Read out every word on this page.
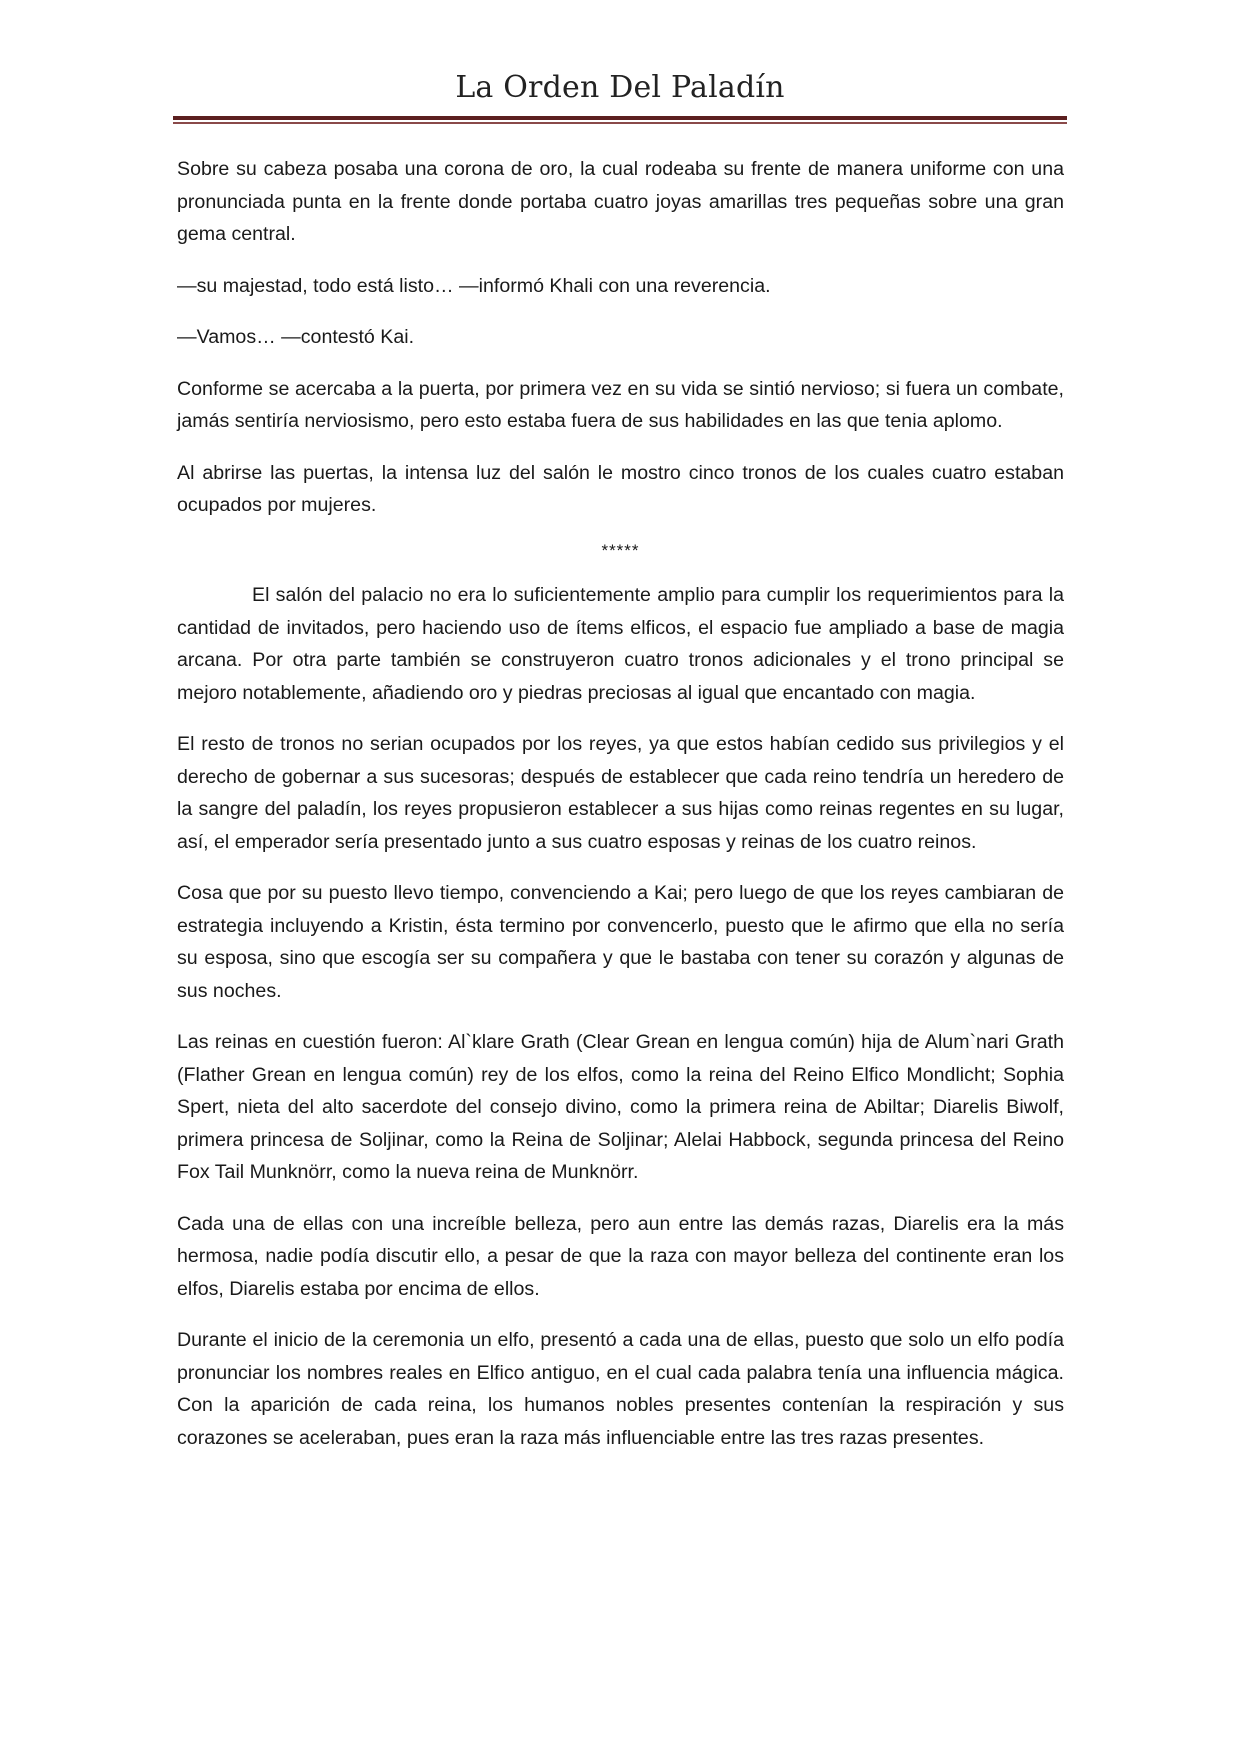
La Orden Del Paladín

Sobre su cabeza posaba una corona de oro, la cual rodeaba su frente de manera uniforme con una pronunciada punta en la frente donde portaba cuatro joyas amarillas tres pequeñas sobre una gran gema central.

—su majestad, todo está listo… —informó Khali con una reverencia.

—Vamos… —contestó Kai.

Conforme se acercaba a la puerta, por primera vez en su vida se sintió nervioso; si fuera un combate, jamás sentiría nerviosismo, pero esto estaba fuera de sus habilidades en las que tenia aplomo.

Al abrirse las puertas, la intensa luz del salón le mostro cinco tronos de los cuales cuatro estaban ocupados por mujeres.

*****

El salón del palacio no era lo suficientemente amplio para cumplir los requerimientos para la cantidad de invitados, pero haciendo uso de ítems elficos, el espacio fue ampliado a base de magia arcana. Por otra parte también se construyeron cuatro tronos adicionales y el trono principal se mejoro notablemente, añadiendo oro y piedras preciosas al igual que encantado con magia.

El resto de tronos no serian ocupados por los reyes, ya que estos habían cedido sus privilegios y el derecho de gobernar a sus sucesoras; después de establecer que cada reino tendría un heredero de la sangre del paladín, los reyes propusieron establecer a sus hijas como reinas regentes en su lugar, así, el emperador sería presentado junto a sus cuatro esposas y reinas de los cuatro reinos.

Cosa que por su puesto llevo tiempo, convenciendo a Kai; pero luego de que los reyes cambiaran de estrategia incluyendo a Kristin, ésta termino por convencerlo, puesto que le afirmo que ella no sería su esposa, sino que escogía ser su compañera y que le bastaba con tener su corazón y algunas de sus noches.

Las reinas en cuestión fueron: Al`klare Grath (Clear Grean en lengua común) hija de Alum`nari Grath (Flather Grean en lengua común) rey de los elfos, como la reina del Reino Elfico Mondlicht; Sophia Spert, nieta del alto sacerdote del consejo divino, como la primera reina de Abiltar; Diarelis Biwolf, primera princesa de Soljinar, como la Reina de Soljinar; Alelai Habbock, segunda princesa del Reino Fox Tail Munknörr, como la nueva reina de Munknörr.

Cada una de ellas con una increíble belleza, pero aun entre las demás razas, Diarelis era la más hermosa, nadie podía discutir ello, a pesar de que la raza con mayor belleza del continente eran los elfos, Diarelis estaba por encima de ellos.

Durante el inicio de la ceremonia un elfo, presentó a cada una de ellas, puesto que solo un elfo podía pronunciar los nombres reales en Elfico antiguo, en el cual cada palabra tenía una influencia mágica. Con la aparición de cada reina, los humanos nobles presentes contenían la respiración y sus corazones se aceleraban, pues eran la raza más influenciable entre las tres razas presentes.
